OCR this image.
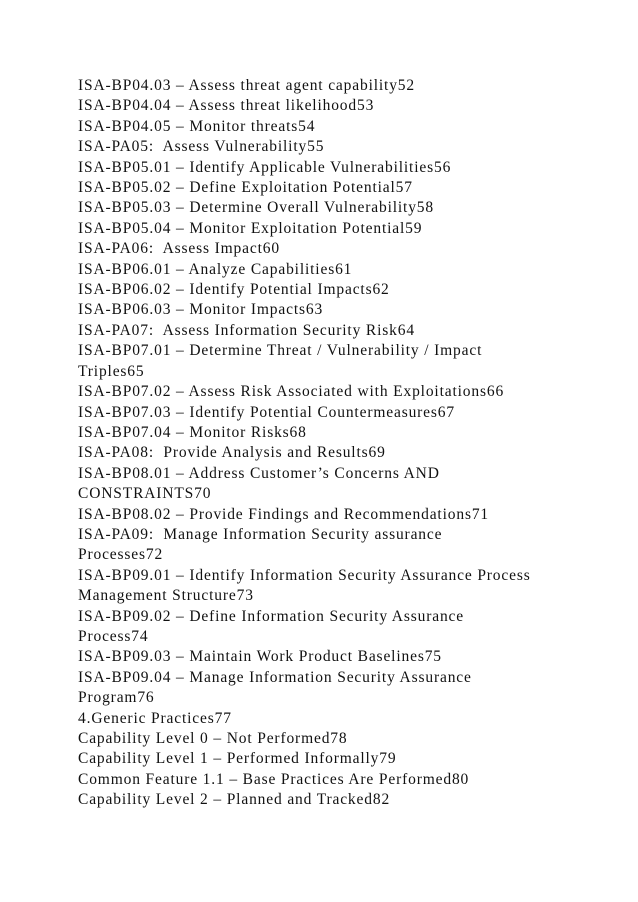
ISA-BP04.03 – Assess threat agent capability52
ISA-BP04.04 – Assess threat likelihood53
ISA-BP04.05 – Monitor threats54
ISA-PA05:  Assess Vulnerability55
ISA-BP05.01 – Identify Applicable Vulnerabilities56
ISA-BP05.02 – Define Exploitation Potential57
ISA-BP05.03 – Determine Overall Vulnerability58
ISA-BP05.04 – Monitor Exploitation Potential59
ISA-PA06:  Assess Impact60
ISA-BP06.01 – Analyze Capabilities61
ISA-BP06.02 – Identify Potential Impacts62
ISA-BP06.03 – Monitor Impacts63
ISA-PA07:  Assess Information Security Risk64
ISA-BP07.01 – Determine Threat / Vulnerability / Impact
Triples65
ISA-BP07.02 – Assess Risk Associated with Exploitations66
ISA-BP07.03 – Identify Potential Countermeasures67
ISA-BP07.04 – Monitor Risks68
ISA-PA08:  Provide Analysis and Results69
ISA-BP08.01 – Address Customer’s Concerns AND
CONSTRAINTS70
ISA-BP08.02 – Provide Findings and Recommendations71
ISA-PA09:  Manage Information Security assurance
Processes72
ISA-BP09.01 – Identify Information Security Assurance Process
Management Structure73
ISA-BP09.02 – Define Information Security Assurance
Process74
ISA-BP09.03 – Maintain Work Product Baselines75
ISA-BP09.04 – Manage Information Security Assurance
Program76
4.Generic Practices77
Capability Level 0 – Not Performed78
Capability Level 1 – Performed Informally79
Common Feature 1.1 – Base Practices Are Performed80
Capability Level 2 – Planned and Tracked82
